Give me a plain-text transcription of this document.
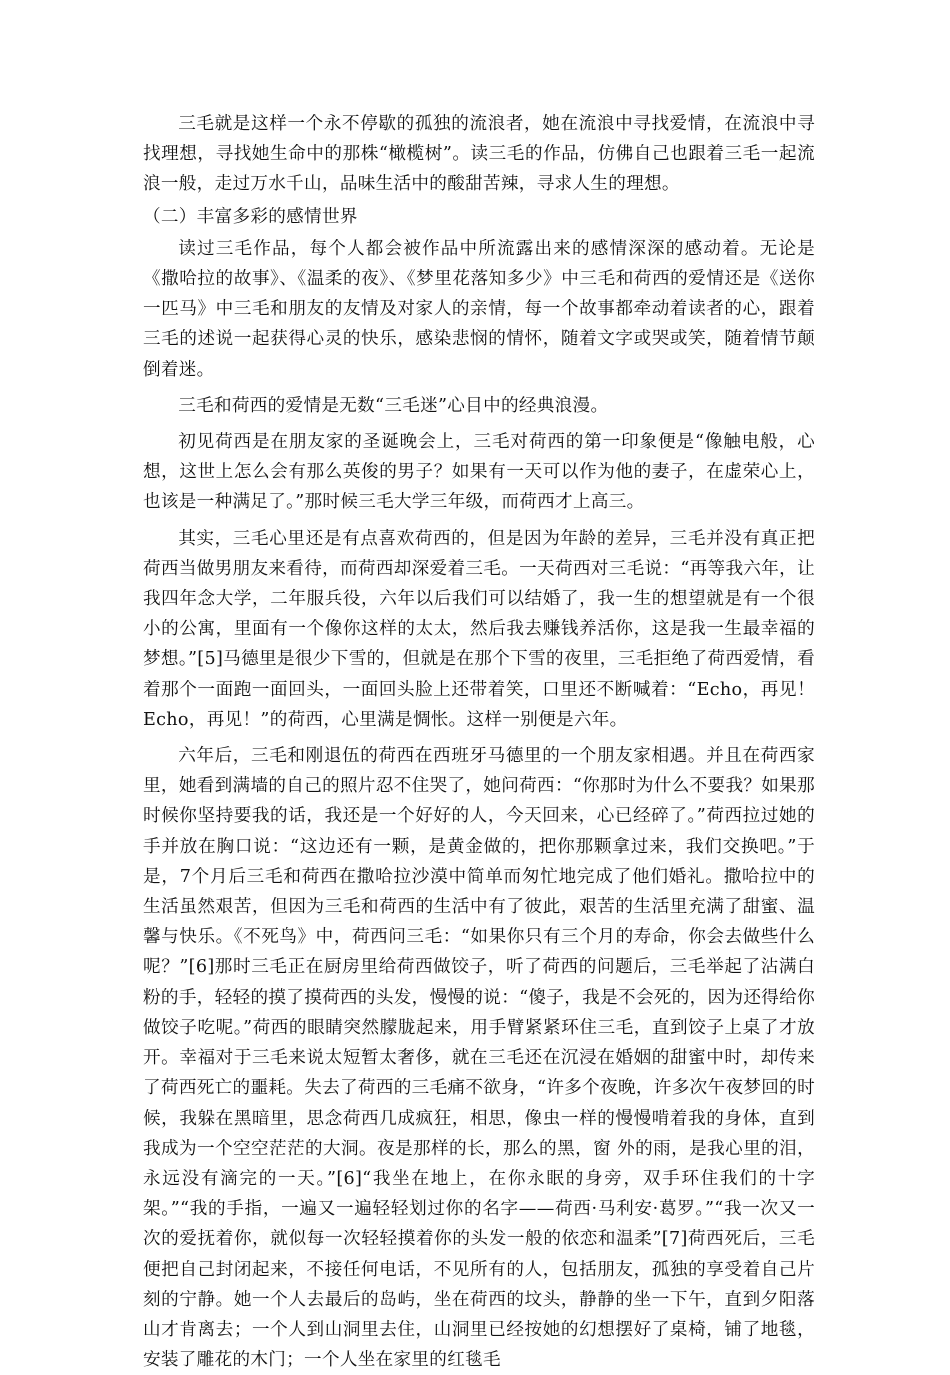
三毛就是这样一个永不停歇的孤独的流浪者，她在流浪中寻找爱情，在流浪中寻找理想，寻找她生命中的那株“橄榄树”。读三毛的作品，仿佛自己也跟着三毛一起流浪一般，走过万水千山，品味生活中的酸甜苦辣，寻求人生的理想。

（二）丰富多彩的感情世界

读过三毛作品，每个人都会被作品中所流露出来的感情深深的感动着。无论是《撒哈拉的故事》、《温柔的夜》、《梦里花落知多少》中三毛和荷西的爱情还是《送你一匹马》中三毛和朋友的友情及对家人的亲情，每一个故事都牵动着读者的心，跟着三毛的述说一起获得心灵的快乐，感染悲悯的情怀，随着文字或哭或笑，随着情节颠倒着迷。

三毛和荷西的爱情是无数“三毛迷”心目中的经典浪漫。

初见荷西是在朋友家的圣诞晚会上，三毛对荷西的第一印象便是“像触电般，心想，这世上怎么会有那么英俊的男子？如果有一天可以作为他的妻子，在虚荣心上，也该是一种满足了。”那时候三毛大学三年级，而荷西才上高三。

其实，三毛心里还是有点喜欢荷西的，但是因为年龄的差异，三毛并没有真正把荷西当做男朋友来看待，而荷西却深爱着三毛。一天荷西对三毛说：“再等我六年，让我四年念大学，二年服兵役，六年以后我们可以结婚了，我一生的想望就是有一个很小的公寓，里面有一个像你这样的太太，然后我去赚钱养活你，这是我一生最幸福的梦想。”[5]马德里是很少下雪的，但就是在那个下雪的夜里，三毛拒绝了荷西爱情，看着那个一面跑一面回头，一面回头脸上还带着笑，口里还不断喊着：“Echo，再见！Echo，再见！”的荷西，心里满是惆怅。这样一别便是六年。

六年后，三毛和刚退伍的荷西在西班牙马德里的一个朋友家相遇。并且在荷西家里，她看到满墙的自己的照片忍不住哭了，她问荷西：“你那时为什么不要我？如果那时候你坚持要我的话，我还是一个好好的人，今天回来，心已经碎了。”荷西拉过她的手并放在胸口说：“这边还有一颗，是黄金做的，把你那颗拿过来，我们交换吧。”于是，7个月后三毛和荷西在撒哈拉沙漠中简单而匆忙地完成了他们婚礼。撒哈拉中的生活虽然艰苦，但因为三毛和荷西的生活中有了彼此，艰苦的生活里充满了甜蜜、温馨与快乐。《不死鸟》中，荷西问三毛：“如果你只有三个月的寿命，你会去做些什么呢？”[6]那时三毛正在厨房里给荷西做饺子，听了荷西的问题后，三毛举起了沾满白粉的手，轻轻的摸了摸荷西的头发，慢慢的说：“傻子，我是不会死的，因为还得给你做饺子吃呢。”荷西的眼睛突然朦胧起来，用手臂紧紧环住三毛，直到饺子上桌了才放开。幸福对于三毛来说太短暂太奢侈，就在三毛还在沉浸在婚姻的甜蜜中时，却传来了荷西死亡的噩耗。失去了荷西的三毛痛不欲身，“许多个夜晚，许多次午夜梦回的时候，我躲在黑暗里，思念荷西几成疯狂，相思，像虫一样的慢慢啃着我的身体，直到我成为一个空空茫茫的大洞。夜是那样的长，那么的黑，窗 外的雨，是我心里的泪，永远没有滴完的一天。”[6]“我坐在地上，在你永眠的身旁，双手环住我们的十字架。”“我的手指，一遍又一遍轻轻划过你的名字——荷西·马利安·葛罗。”“我一次又一次的爱抚着你，就似每一次轻轻摸着你的头发一般的依恋和温柔”[7]荷西死后，三毛便把自己封闭起来，不接任何电话，不见所有的人，包括朋友，孤独的享受着自己片刻的宁静。她一个人去最后的岛屿，坐在荷西的坟头，静静的坐一下午，直到夕阳落山才肯离去；一个人到山洞里去住，山洞里已经按她的幻想摆好了桌椅，铺了地毯，安装了雕花的木门；一个人坐在家里的红毯毛
